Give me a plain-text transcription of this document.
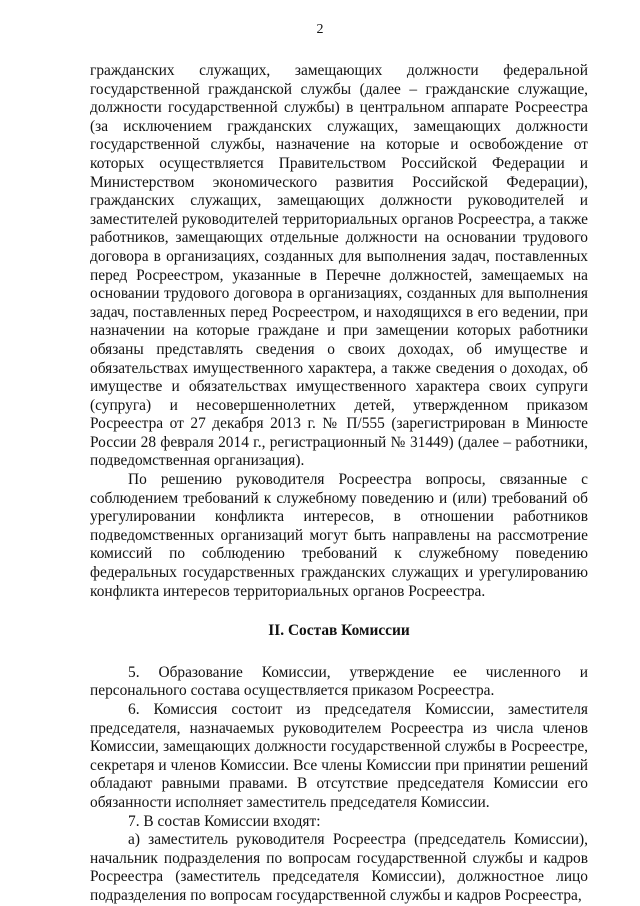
2

гражданских служащих, замещающих должности федеральной государственной гражданской службы (далее – гражданские служащие, должности государственной службы) в центральном аппарате Росреестра (за исключением гражданских служащих, замещающих должности государственной службы, назначение на которые и освобождение от которых осуществляется Правительством Российской Федерации и Министерством экономического развития Российской Федерации), гражданских служащих, замещающих должности руководителей и заместителей руководителей территориальных органов Росреестра, а также работников, замещающих отдельные должности на основании трудового договора в организациях, созданных для выполнения задач, поставленных перед Росреестром, указанные в Перечне должностей, замещаемых на основании трудового договора в организациях, созданных для выполнения задач, поставленных перед Росреестром, и находящихся в его ведении, при назначении на которые граждане и при замещении которых работники обязаны представлять сведения о своих доходах, об имуществе и обязательствах имущественного характера, а также сведения о доходах, об имуществе и обязательствах имущественного характера своих супруги (супруга) и несовершеннолетних детей, утвержденном приказом Росреестра от 27 декабря 2013 г. № П/555 (зарегистрирован в Минюсте России 28 февраля 2014 г., регистрационный № 31449) (далее – работники, подведомственная организация).

По решению руководителя Росреестра вопросы, связанные с соблюдением требований к служебному поведению и (или) требований об урегулировании конфликта интересов, в отношении работников подведомственных организаций могут быть направлены на рассмотрение комиссий по соблюдению требований к служебному поведению федеральных государственных гражданских служащих и урегулированию конфликта интересов территориальных органов Росреестра.

II. Состав Комиссии

5. Образование Комиссии, утверждение ее численного и персонального состава осуществляется приказом Росреестра.

6. Комиссия состоит из председателя Комиссии, заместителя председателя, назначаемых руководителем Росреестра из числа членов Комиссии, замещающих должности государственной службы в Росреестре, секретаря и членов Комиссии. Все члены Комиссии при принятии решений обладают равными правами. В отсутствие председателя Комиссии его обязанности исполняет заместитель председателя Комиссии.

7. В состав Комиссии входят:

а) заместитель руководителя Росреестра (председатель Комиссии), начальник подразделения по вопросам государственной службы и кадров Росреестра (заместитель председателя Комиссии), должностное лицо подразделения по вопросам государственной службы и кадров Росреестра,
